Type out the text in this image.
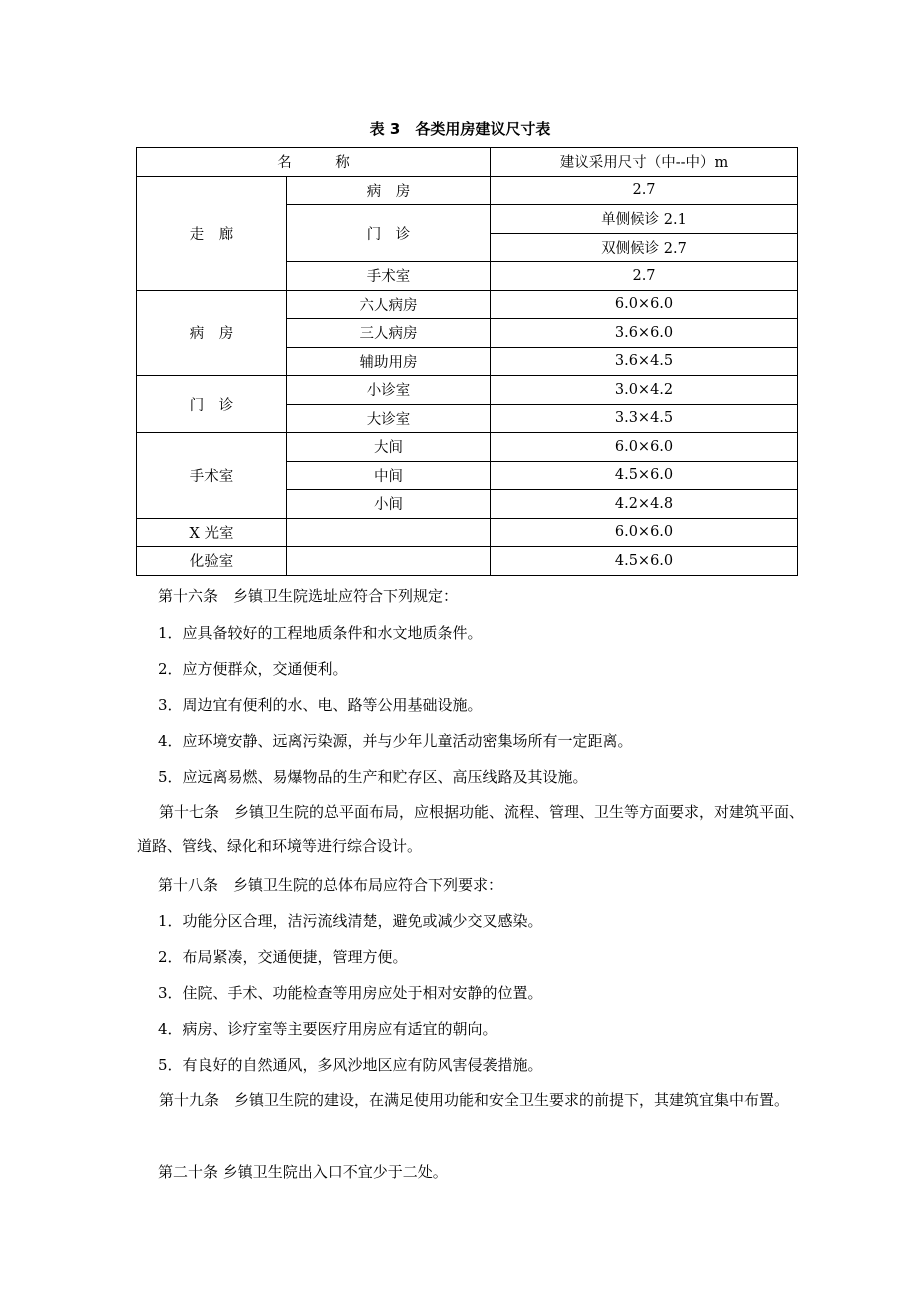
表 3　各类用房建议尺寸表
名　　　称		建议采用尺寸（中--中）m
走　廊	病　房	2.7
	门　诊	单侧候诊 2.1
		双侧候诊 2.7
	手术室	2.7
病　房	六人病房	6.0×6.0
	三人病房	3.6×6.0
	辅助用房	3.6×4.5
门　诊	小诊室	3.0×4.2
	大诊室	3.3×4.5
手术室	大间	6.0×6.0
	中间	4.5×6.0
	小间	4.2×4.8
X 光室		6.0×6.0
化验室		4.5×6.0
第十六条　乡镇卫生院选址应符合下列规定：
1．应具备较好的工程地质条件和水文地质条件。
2．应方便群众，交通便利。
3．周边宜有便利的水、电、路等公用基础设施。
4．应环境安静、远离污染源，并与少年儿童活动密集场所有一定距离。
5．应远离易燃、易爆物品的生产和贮存区、高压线路及其设施。
第十七条　乡镇卫生院的总平面布局，应根据功能、流程、管理、卫生等方面要求，对建筑平面、道路、管线、绿化和环境等进行综合设计。
第十八条　乡镇卫生院的总体布局应符合下列要求：
1．功能分区合理，洁污流线清楚，避免或减少交叉感染。
2．布局紧凑，交通便捷，管理方便。
3．住院、手术、功能检查等用房应处于相对安静的位置。
4．病房、诊疗室等主要医疗用房应有适宜的朝向。
5．有良好的自然通风，多风沙地区应有防风害侵袭措施。
第十九条　乡镇卫生院的建设，在满足使用功能和安全卫生要求的前提下，其建筑宜集中布置。
第二十条 乡镇卫生院出入口不宜少于二处。
